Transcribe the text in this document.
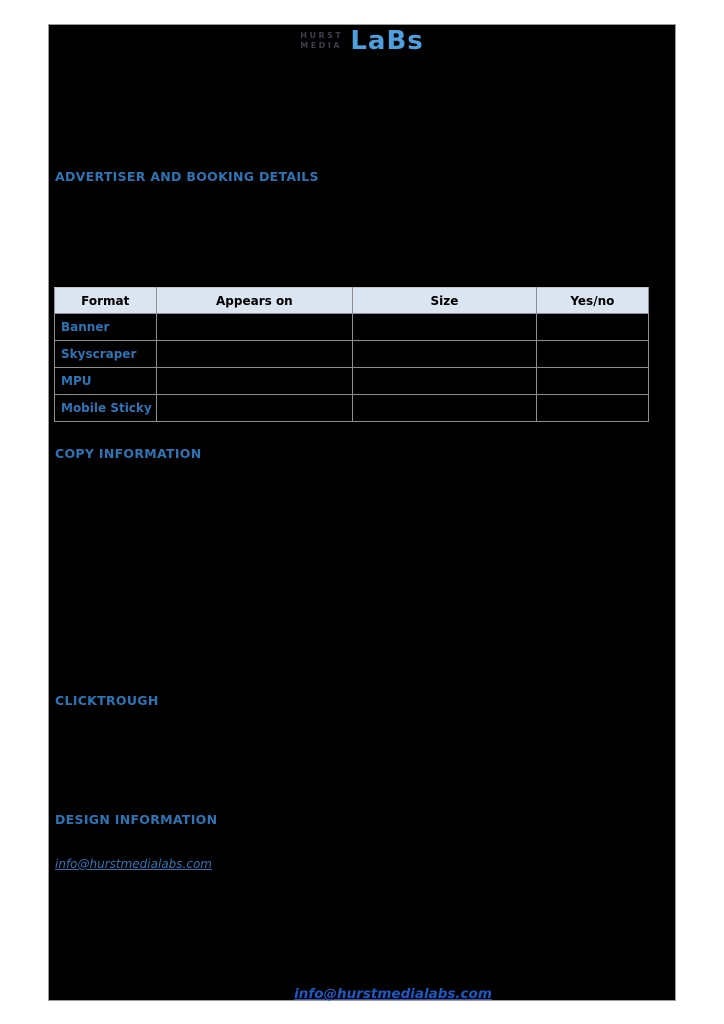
HURST
MEDIA LaBs
ADVERTISER AND BOOKING DETAILS
Format	Appears on	Size	Yes/no
Banner			
Skyscraper			
MPU			
Mobile Sticky			
COPY INFORMATION
CLICKTROUGH
DESIGN INFORMATION
info@hurstmedialabs.com
info@hurstmedialabs.com
